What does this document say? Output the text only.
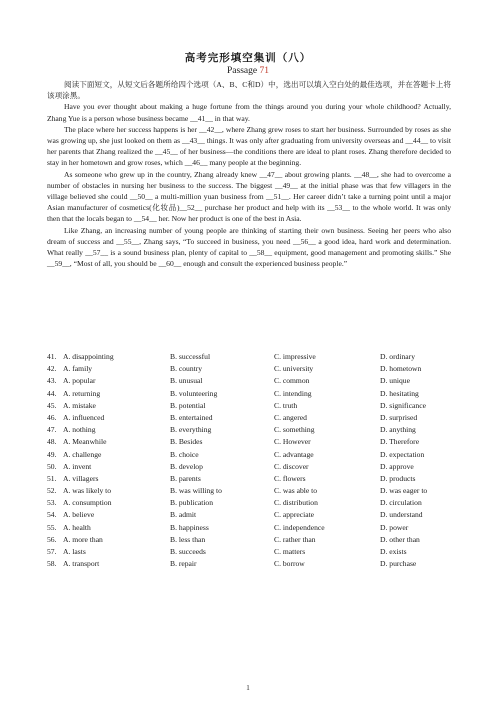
高考完形填空集训（八）
Passage 71

阅读下面短文，从短文后各题所给四个选项（A、B、C和D）中，选出可以填入空白处的最佳选项，并在答题卡上将该项涂黑。

Have you ever thought about making a huge fortune from the things around you during your whole childhood? Actually, Zhang Yue is a person whose business became __41__ in that way.

The place where her success happens is her __42__, where Zhang grew roses to start her business. Surrounded by roses as she was growing up, she just looked on them as __43__ things. It was only after graduating from university overseas and __44__ to visit her parents that Zhang realized the __45__ of her business—the conditions there are ideal to plant roses. Zhang therefore decided to stay in her hometown and grow roses, which __46__ many people at the beginning.

As someone who grew up in the country, Zhang already knew __47__ about growing plants. __48__, she had to overcome a number of obstacles in nursing her business to the success. The biggest __49__ at the initial phase was that few villagers in the village believed she could __50__ a multi-million yuan business from __51__. Her career didn’t take a turning point until a major Asian manufacturer of cosmetics(化妆品)__52__ purchase her product and help with its __53__ to the whole world. It was only then that the locals began to __54__ her. Now her product is one of the best in Asia.

Like Zhang, an increasing number of young people are thinking of starting their own business. Seeing her peers who also dream of success and __55__, Zhang says, “To succeed in business, you need __56__ a good idea, hard work and determination. What really __57__ is a sound business plan, plenty of capital to __58__ equipment, good management and promoting skills.” She __59__, “Most of all, you should be __60__ enough and consult the experienced business people.”

41. A. disappointing	B. successful	C. impressive	D. ordinary
42. A. family	B. country	C. university	D. hometown
43. A. popular	B. unusual	C. common	D. unique
44. A. returning	B. volunteering	C. intending	D. hesitating
45. A. mistake	B. potential	C. truth	D. significance
46. A. influenced	B. entertained	C. angered	D. surprised
47. A. nothing	B. everything	C. something	D. anything
48. A. Meanwhile	B. Besides	C. However	D. Therefore
49. A. challenge	B. choice	C. advantage	D. expectation
50. A. invent	B. develop	C. discover	D. approve
51. A. villagers	B. parents	C. flowers	D. products
52. A. was likely to	B. was willing to	C. was able to	D. was eager to
53. A. consumption	B. publication	C. distribution	D. circulation
54. A. believe	B. admit	C. appreciate	D. understand
55. A. health	B. happiness	C. independence	D. power
56. A. more than	B. less than	C. rather than	D. other than
57. A. lasts	B. succeeds	C. matters	D. exists
58. A. transport	B. repair	C. borrow	D. purchase
1
